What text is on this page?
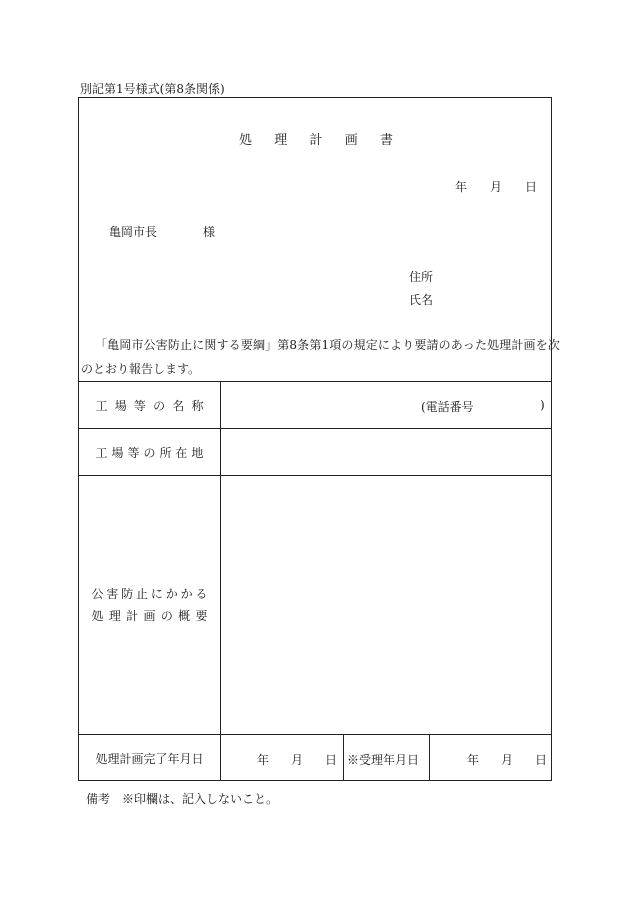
別記第1号様式(第8条関係)
処 理 計 画 書
年 月 日
亀岡市長	様
住所
氏名
「亀岡市公害防止に関する要綱」第8条第1項の規定により要請のあった処理計画を次
のとおり報告します。
工 場 等 の 名 称	(電話番号	)
工 場 等 の 所 在 地
公 害 防 止 に か か る
処 理 計 画 の 概 要
処理計画完了年月日	年 月 日 ※受理年月日	年 月 日
備考　※印欄は、記入しないこと。
